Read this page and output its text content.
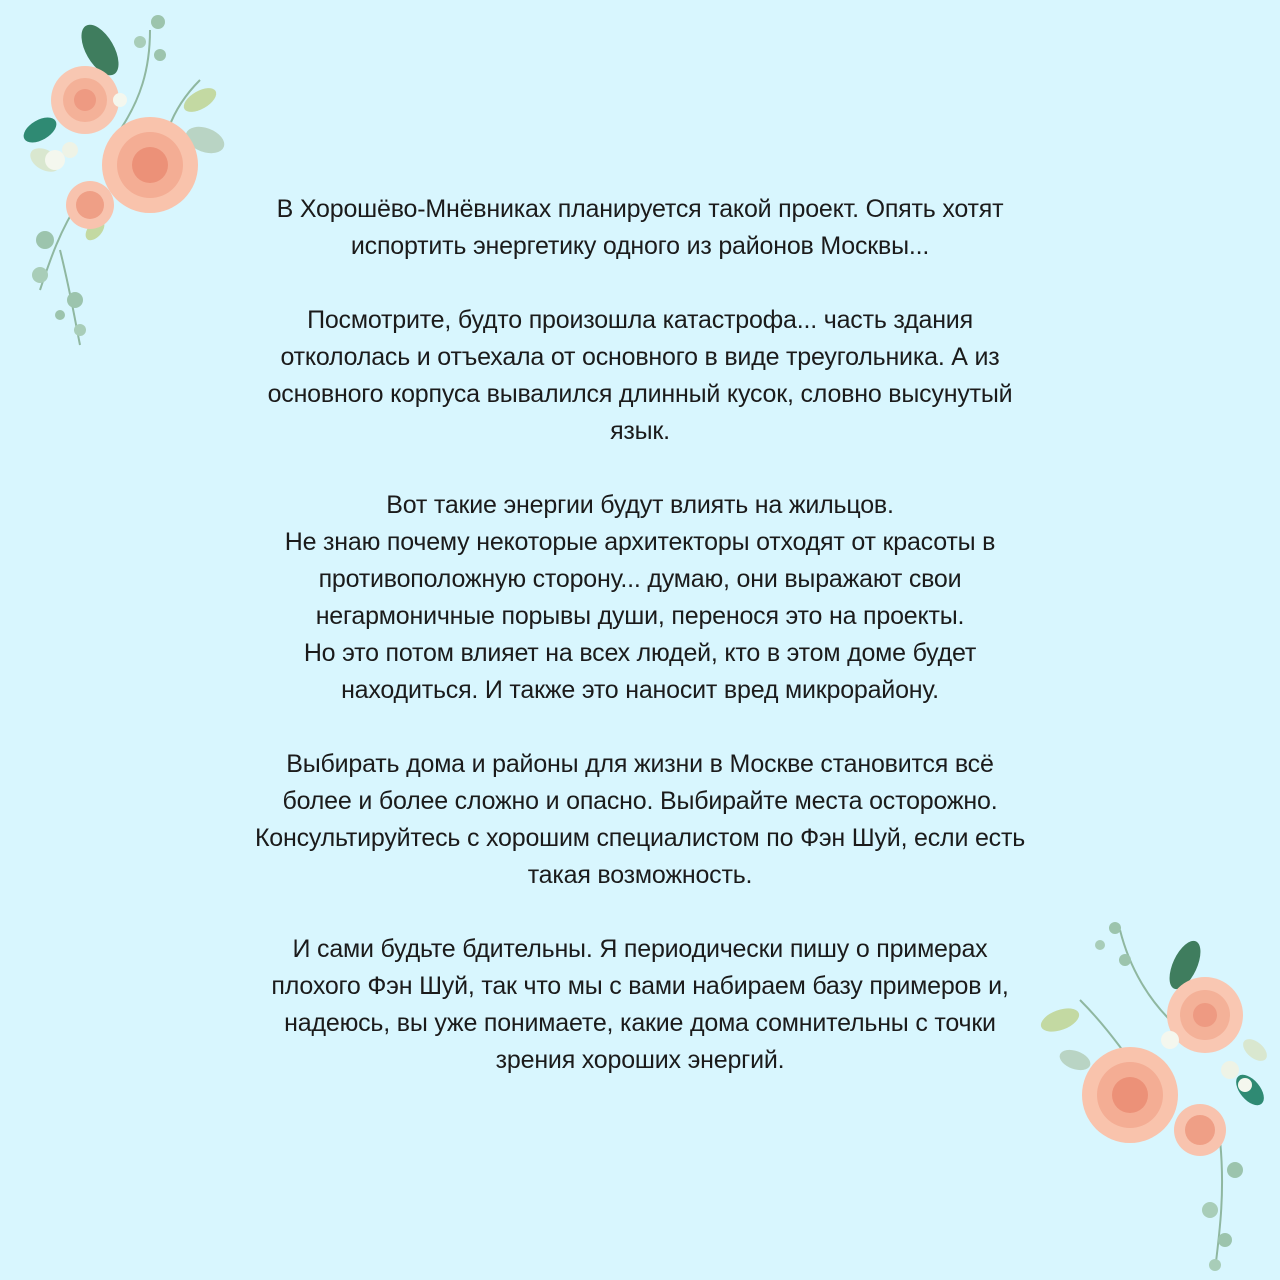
В Хорошёво-Мнёвниках планируется такой проект. Опять хотят
испортить энергетику одного из районов Москвы...
Посмотрите, будто произошла катастрофа... часть здания
откололась и отъехала от основного в виде треугольника. А из
основного корпуса вывалился длинный кусок, словно высунутый
язык.
Вот такие энергии будут влиять на жильцов.
Не знаю почему некоторые архитекторы отходят от красоты в
противоположную сторону... думаю, они выражают свои
негармоничные порывы души, перенося это на проекты.
Но это потом влияет на всех людей, кто в этом доме будет
находиться. И также это наносит вред микрорайону.
Выбирать дома и районы для жизни в Москве становится всё
более и более сложно и опасно. Выбирайте места осторожно.
Консультируйтесь с хорошим специалистом по Фэн Шуй, если есть
такая возможность.
И сами будьте бдительны. Я периодически пишу о примерах
плохого Фэн Шуй, так что мы с вами набираем базу примеров и,
надеюсь, вы уже понимаете, какие дома сомнительны с точки
зрения хороших энергий.
